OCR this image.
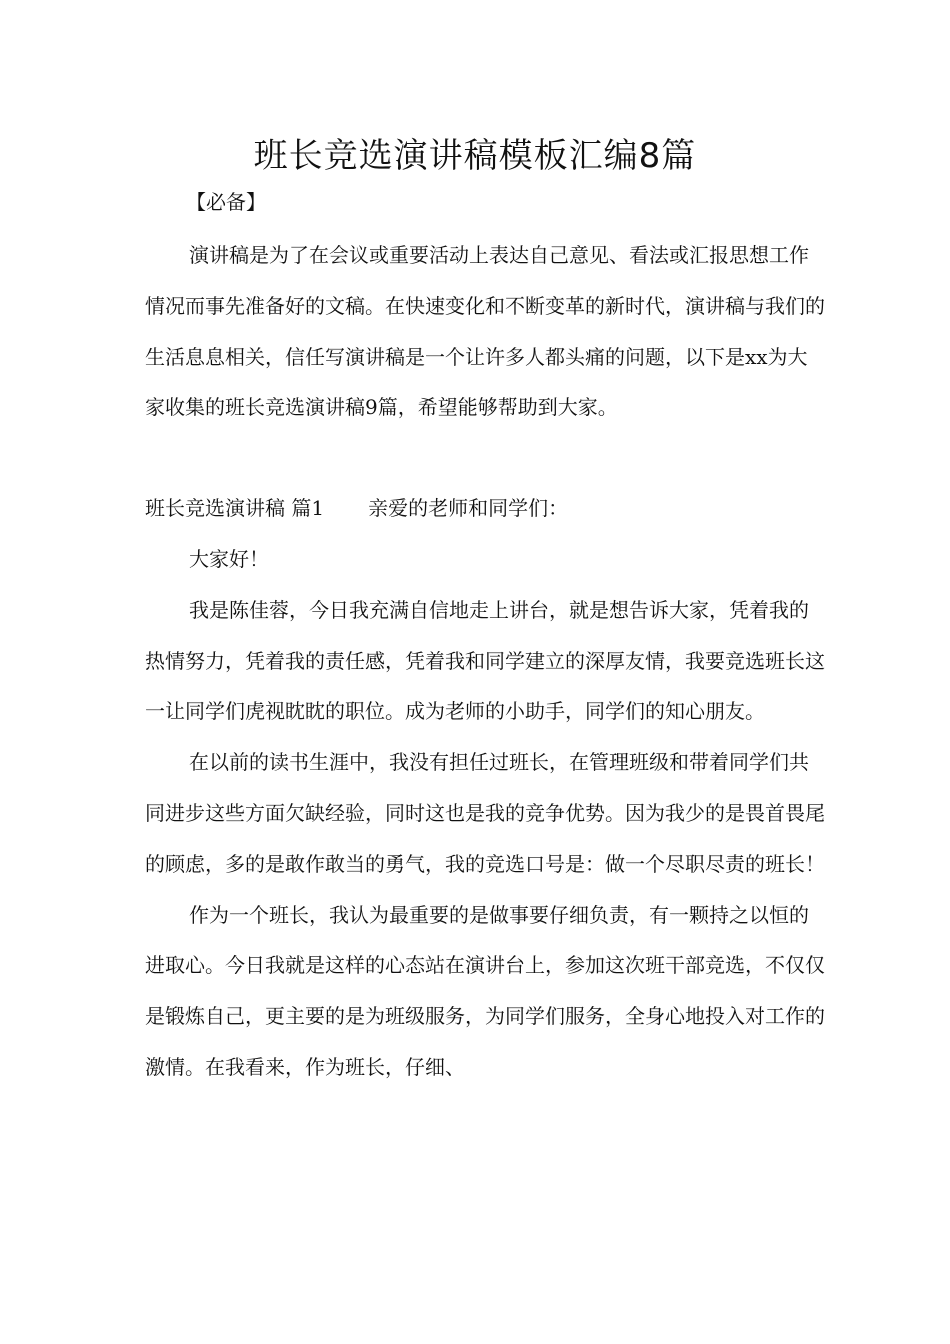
班长竞选演讲稿模板汇编8篇
【必备】

演讲稿是为了在会议或重要活动上表达自己意见、看法或汇报思想工作情况而事先准备好的文稿。在快速变化和不断变革的新时代，演讲稿与我们的生活息息相关，信任写演讲稿是一个让许多人都头痛的问题，以下是xx为大家收集的班长竞选演讲稿9篇，希望能够帮助到大家。

班长竞选演讲稿 篇1 亲爱的老师和同学们：

大家好！

我是陈佳蓉，今日我充满自信地走上讲台，就是想告诉大家，凭着我的热情努力，凭着我的责任感，凭着我和同学建立的深厚友情，我要竞选班长这一让同学们虎视眈眈的职位。成为老师的小助手，同学们的知心朋友。

在以前的读书生涯中，我没有担任过班长，在管理班级和带着同学们共同进步这些方面欠缺经验，同时这也是我的竞争优势。因为我少的是畏首畏尾的顾虑，多的是敢作敢当的勇气，我的竞选口号是：做一个尽职尽责的班长！

作为一个班长，我认为最重要的是做事要仔细负责，有一颗持之以恒的进取心。今日我就是这样的心态站在演讲台上，参加这次班干部竞选，不仅仅是锻炼自己，更主要的是为班级服务，为同学们服务，全身心地投入对工作的激情。在我看来，作为班长，仔细、
